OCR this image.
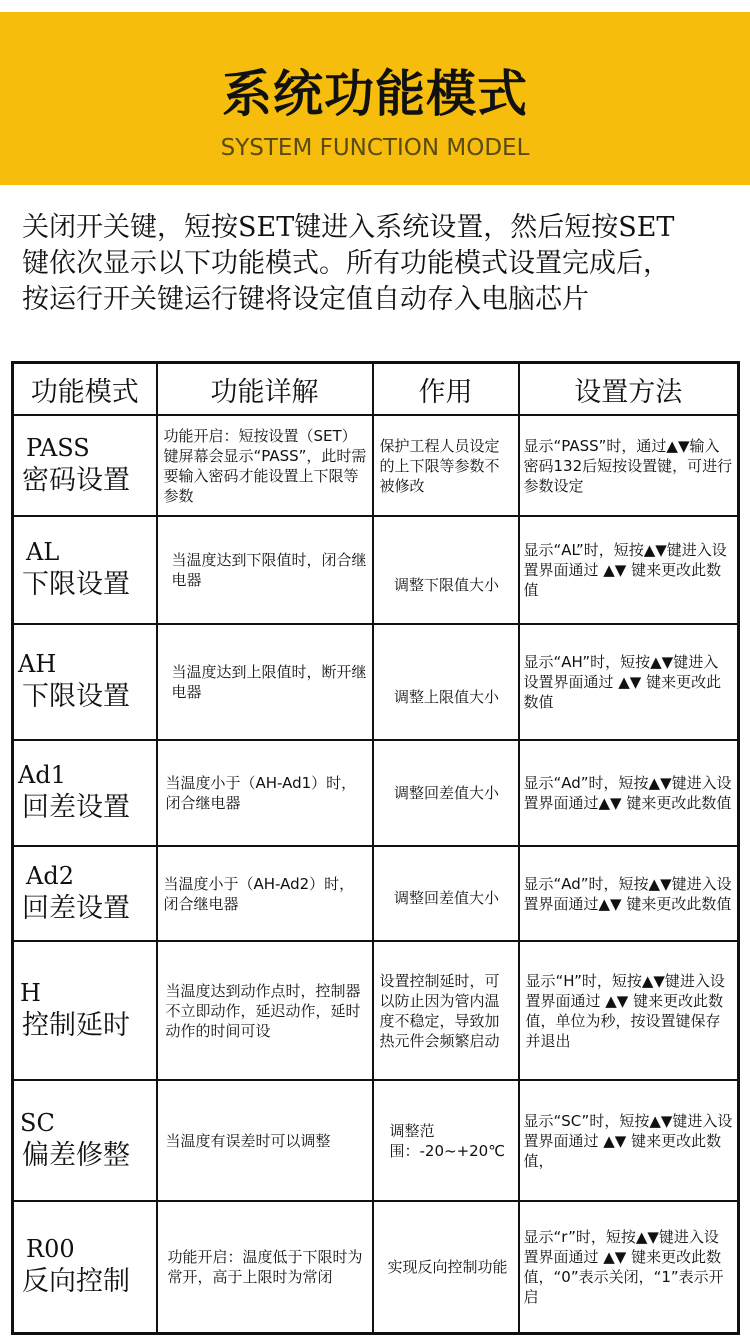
系统功能模式
SYSTEM FUNCTION MODEL
关闭开关键，短按SET键进入系统设置，然后短按SET
键依次显示以下功能模式。所有功能模式设置完成后，
按运行开关键运行键将设定值自动存入电脑芯片
功能模式	功能详解	作用	设置方法

PASS
密码设置	功能开启：短按设置（SET）键屏幕会显示“PASS”，此时需要输入密码才能设置上下限等参数	保护工程人员设定的上下限等参数不被修改	显示“PASS”时，通过▲▼输入密码132后短按设置键，可进行参数设定

AL
下限设置	当温度达到下限值时，闭合继电器	调整下限值大小	显示“AL”时，短按▲▼键进入设置界面通过 ▲▼ 键来更改此数值

AH
下限设置	当温度达到上限值时，断开继电器	调整上限值大小	显示“AH”时，短按▲▼键进入设置界面通过 ▲▼ 键来更改此数值

Ad1
回差设置	当温度小于（AH-Ad1）时，闭合继电器	调整回差值大小	显示“Ad”时，短按▲▼键进入设置界面通过▲▼ 键来更改此数值

Ad2
回差设置	当温度小于（AH-Ad2）时，闭合继电器	调整回差值大小	显示“Ad”时，短按▲▼键进入设置界面通过▲▼ 键来更改此数值

H
控制延时	当温度达到动作点时，控制器不立即动作，延迟动作，延时动作的时间可设	设置控制延时，可以防止因为管内温度不稳定，导致加热元件会频繁启动	显示“H”时，短按▲▼键进入设置界面通过 ▲▼ 键来更改此数值，单位为秒，按设置键保存并退出

SC
偏差修整	当温度有误差时可以调整	调整范围：-20~+20℃	显示“SC”时，短按▲▼键进入设置界面通过 ▲▼ 键来更改此数值，

R00
反向控制	功能开启：温度低于下限时为常开，高于上限时为常闭	实现反向控制功能	显示“r”时，短按▲▼键进入设置界面通过 ▲▼ 键来更改此数值，“0”表示关闭，“1”表示开启
